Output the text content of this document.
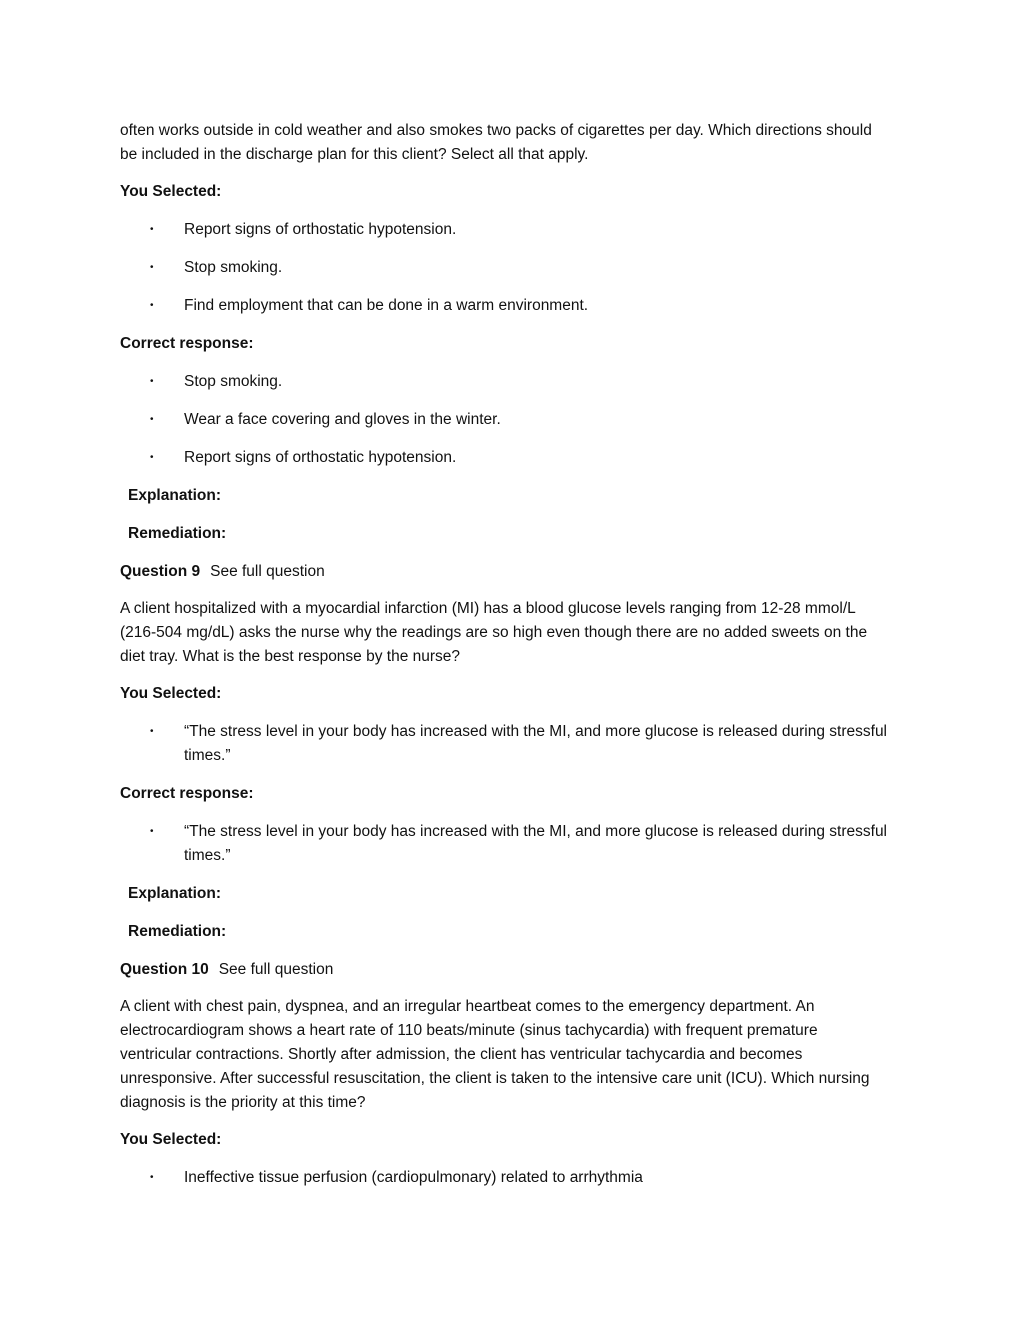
often works outside in cold weather and also smokes two packs of cigarettes per day. Which directions should be included in the discharge plan for this client? Select all that apply.

You Selected:

• Report signs of orthostatic hypotension.
• Stop smoking.
• Find employment that can be done in a warm environment.

Correct response:

• Stop smoking.
• Wear a face covering and gloves in the winter.
• Report signs of orthostatic hypotension.

Explanation:

Remediation:

Question 9 See full question

A client hospitalized with a myocardial infarction (MI) has a blood glucose levels ranging from 12-28 mmol/L (216-504 mg/dL) asks the nurse why the readings are so high even though there are no added sweets on the diet tray. What is the best response by the nurse?

You Selected:

• “The stress level in your body has increased with the MI, and more glucose is released during stressful times.”

Correct response:

• “The stress level in your body has increased with the MI, and more glucose is released during stressful times.”

Explanation:

Remediation:

Question 10 See full question

A client with chest pain, dyspnea, and an irregular heartbeat comes to the emergency department. An electrocardiogram shows a heart rate of 110 beats/minute (sinus tachycardia) with frequent premature ventricular contractions. Shortly after admission, the client has ventricular tachycardia and becomes unresponsive. After successful resuscitation, the client is taken to the intensive care unit (ICU). Which nursing diagnosis is the priority at this time?

You Selected:

• Ineffective tissue perfusion (cardiopulmonary) related to arrhythmia
